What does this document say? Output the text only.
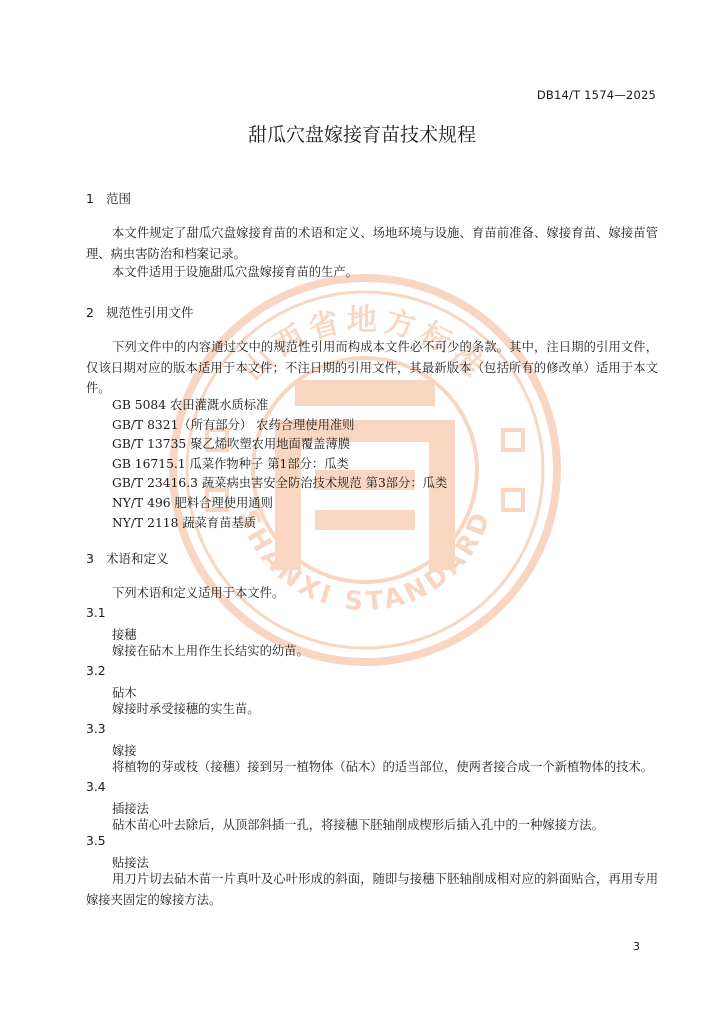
山西省地方标准
SHANXI STANDARD
DB14/T 1574—2025
甜瓜穴盘嫁接育苗技术规程
1 范围
本文件规定了甜瓜穴盘嫁接育苗的术语和定义、场地环境与设施、育苗前准备、嫁接育苗、嫁接苗管理、病虫害防治和档案记录。
本文件适用于设施甜瓜穴盘嫁接育苗的生产。
2 规范性引用文件
下列文件中的内容通过文中的规范性引用而构成本文件必不可少的条款。其中，注日期的引用文件，仅该日期对应的版本适用于本文件；不注日期的引用文件，其最新版本（包括所有的修改单）适用于本文件。
GB 5084 农田灌溉水质标准
GB/T 8321（所有部分） 农药合理使用准则
GB/T 13735 聚乙烯吹塑农用地面覆盖薄膜
GB 16715.1 瓜菜作物种子 第1部分：瓜类
GB/T 23416.3 蔬菜病虫害安全防治技术规范 第3部分：瓜类
NY/T 496 肥料合理使用通则
NY/T 2118 蔬菜育苗基质
3 术语和定义
下列术语和定义适用于本文件。
3.1
接穗
嫁接在砧木上用作生长结实的幼苗。
3.2
砧木
嫁接时承受接穗的实生苗。
3.3
嫁接
将植物的芽或枝（接穗）接到另一植物体（砧木）的适当部位，使两者接合成一个新植物体的技术。
3.4
插接法
砧木苗心叶去除后，从顶部斜插一孔，将接穗下胚轴削成楔形后插入孔中的一种嫁接方法。
3.5
贴接法
用刀片切去砧木苗一片真叶及心叶形成的斜面，随即与接穗下胚轴削成相对应的斜面贴合，再用专用嫁接夹固定的嫁接方法。
3
